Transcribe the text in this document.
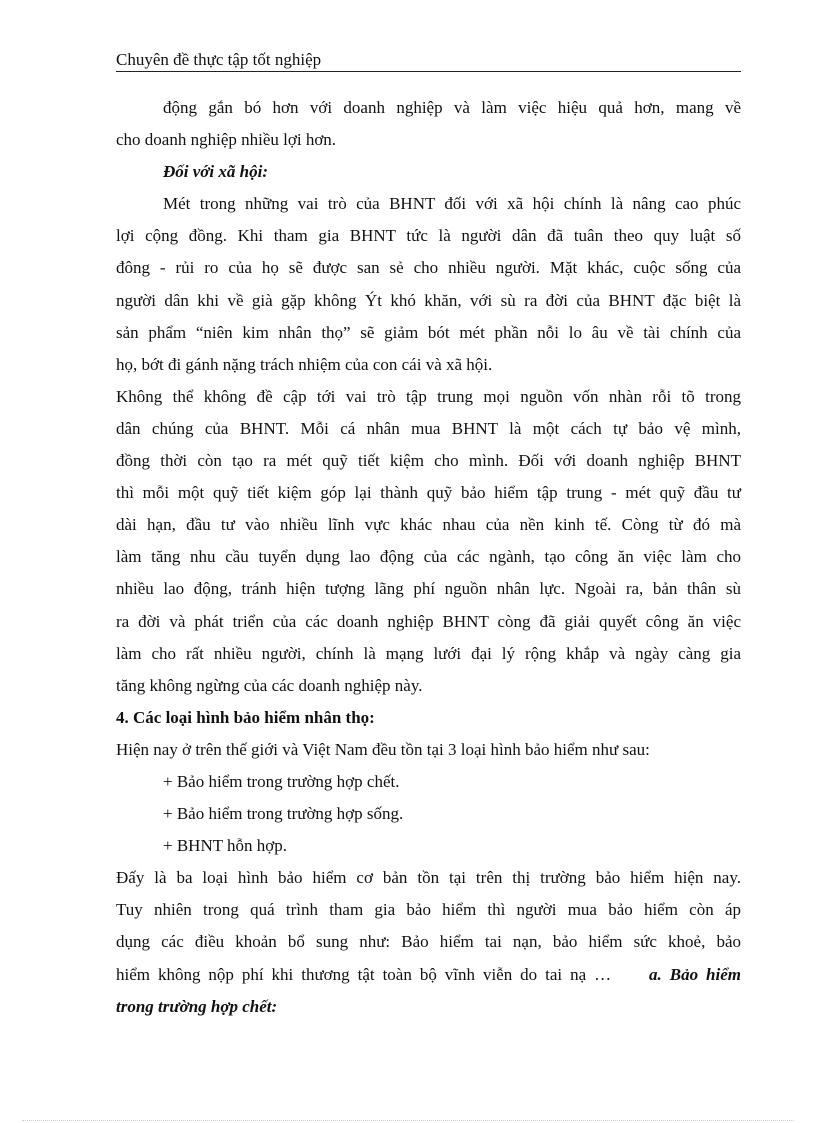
Chuyên đề thực tập tốt nghiệp
động gắn bó hơn với doanh nghiệp và làm việc hiệu quả hơn, mang về
cho doanh nghiệp nhiều lợi hơn.
Đối với xã hội:
Mét trong những vai trò của BHNT đối với xã hội chính là nâng cao phúc
lợi cộng đồng. Khi tham gia BHNT tức là người dân đã tuân theo quy luật số
đông - rủi ro của họ sẽ được san sẻ cho nhiều người. Mặt khác, cuộc sống của
người dân khi về già gặp không Ýt khó khăn, với sù ra đời của BHNT đặc biệt là
sản phẩm “niên kim nhân thọ” sẽ giảm bót mét phần nỗi lo âu về tài chính của
họ, bớt đi gánh nặng trách nhiệm của con cái và xã hội.
Không thể không đề cập tới vai trò tập trung mọi nguồn vốn nhàn rỗi tõ trong
dân chúng của BHNT. Mỗi cá nhân mua BHNT là một cách tự bảo vệ mình,
đồng thời còn tạo ra mét quỹ tiết kiệm cho mình. Đối với doanh nghiệp BHNT
thì mỗi một quỹ tiết kiệm góp lại thành quỹ bảo hiểm tập trung - mét quỹ đầu tư
dài hạn, đầu tư vào nhiều lĩnh vực khác nhau của nền kinh tế. Còng từ đó mà
làm tăng nhu cầu tuyển dụng lao động của các ngành, tạo công ăn việc làm cho
nhiều lao động, tránh hiện tượng lãng phí nguồn nhân lực. Ngoài ra, bản thân sù
ra đời và phát triển của các doanh nghiệp BHNT còng đã giải quyết công ăn việc
làm cho rất nhiều người, chính là mạng lưới đại lý rộng khắp và ngày càng gia
tăng không ngừng của các doanh nghiệp này.
4. Các loại hình bảo hiểm nhân thọ:
Hiện nay ở trên thế giới và Việt Nam đều tồn tại 3 loại hình bảo hiểm như sau:
+ Bảo hiểm trong trường hợp chết.
+ Bảo hiểm trong trường hợp sống.
+ BHNT hỗn hợp.
Đấy là ba loại hình bảo hiểm cơ bản tồn tại trên thị trường bảo hiểm hiện nay.
Tuy nhiên trong quá trình tham gia bảo hiểm thì người mua bảo hiểm còn áp
dụng các điều khoản bổ sung như: Bảo hiểm tai nạn, bảo hiểm sức khoẻ, bảo
hiểm không nộp phí khi thương tật toàn bộ vĩnh viễn do tai nạ … a. Bảo hiểm
trong trường hợp chết:
